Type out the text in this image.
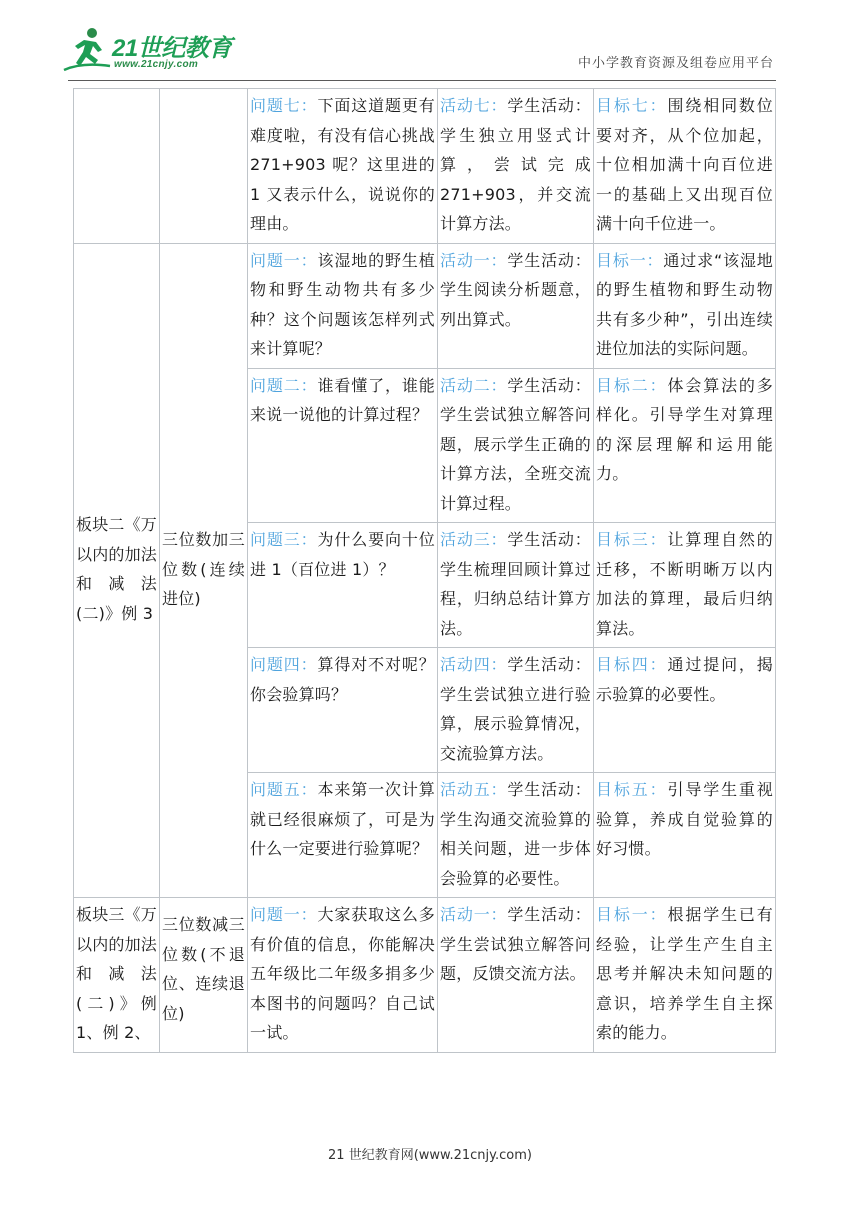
21世纪教育
www.21cnjy.com	中小学教育资源及组卷应用平台
		问题七：下面这道题更有难度啦，有没有信心挑战 271+903 呢？这里进的 1 又表示什么，说说你的理由。	活动七：学生活动：学生独立用竖式计算，尝试完成 271+903，并交流计算方法。	目标七：围绕相同数位要对齐，从个位加起，十位相加满十向百位进一的基础上又出现百位满十向千位进一。
板块二《万以内的加法和减法(二)》例 3	三位数加三位数(连续进位)	问题一：该湿地的野生植物和野生动物共有多少种？这个问题该怎样列式来计算呢？	活动一：学生活动：学生阅读分析题意，列出算式。	目标一：通过求“该湿地的野生植物和野生动物共有多少种”，引出连续进位加法的实际问题。
		问题二：谁看懂了，谁能来说一说他的计算过程？	活动二：学生活动：学生尝试独立解答问题，展示学生正确的计算方法，全班交流计算过程。	目标二：体会算法的多样化。引导学生对算理的深层理解和运用能力。
		问题三：为什么要向十位进 1（百位进 1）？	活动三：学生活动：学生梳理回顾计算过程，归纳总结计算方法。	目标三：让算理自然的迁移，不断明晰万以内加法的算理，最后归纳算法。
		问题四：算得对不对呢？你会验算吗？	活动四：学生活动：学生尝试独立进行验算，展示验算情况，交流验算方法。	目标四：通过提问，揭示验算的必要性。
		问题五：本来第一次计算就已经很麻烦了，可是为什么一定要进行验算呢？	活动五：学生活动：学生沟通交流验算的相关问题，进一步体会验算的必要性。	目标五：引导学生重视验算，养成自觉验算的好习惯。
板块三《万以内的加法和减法(二)》例 1、例 2、	三位数减三位数(不退位、连续退位)	问题一：大家获取这么多有价值的信息，你能解决五年级比二年级多捐多少本图书的问题吗？自己试一试。	活动一：学生活动：学生尝试独立解答问题，反馈交流方法。	目标一：根据学生已有经验，让学生产生自主思考并解决未知问题的意识，培养学生自主探索的能力。
21 世纪教育网(www.21cnjy.com)
